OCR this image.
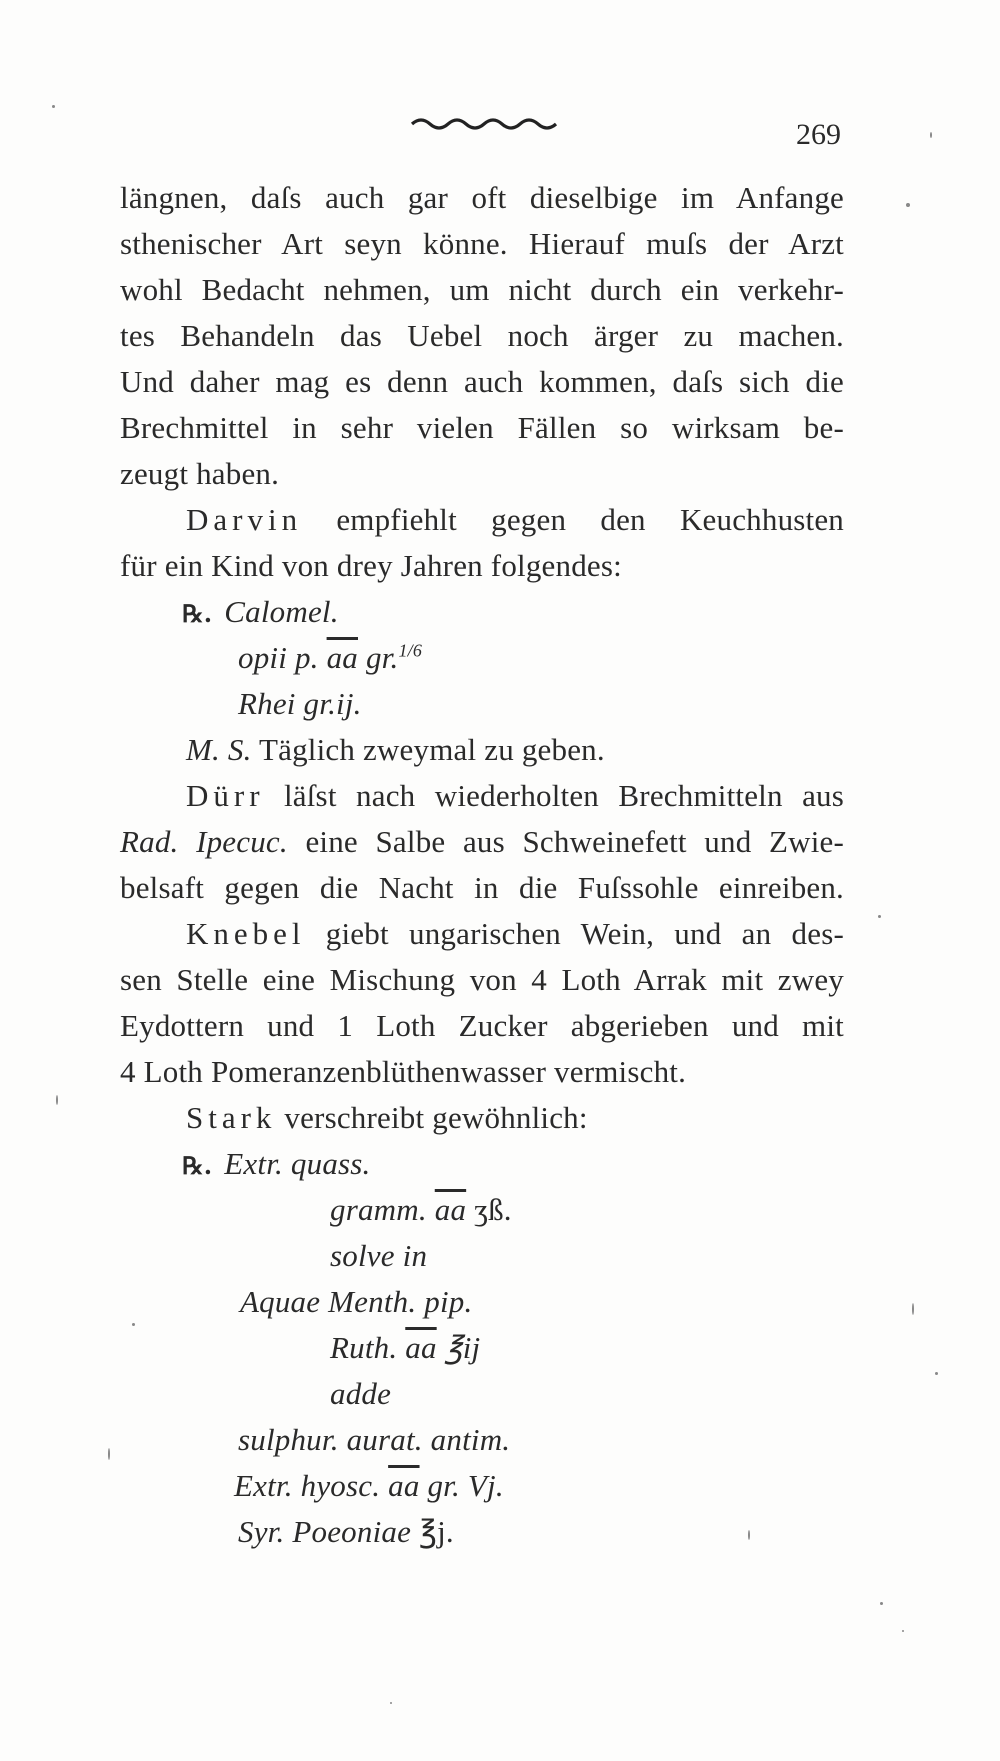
269
längnen, daſs auch gar oft dieselbige im Anfange
sthenischer Art seyn könne. Hierauf muſs der Arzt
wohl Bedacht nehmen, um nicht durch ein verkehr-
tes Behandeln das Uebel noch ärger zu machen.
Und daher mag es denn auch kommen, daſs sich die
Brechmittel in sehr vielen Fällen so wirksam be-
zeugt haben.
Darvin empfiehlt gegen den Keuchhusten
für ein Kind von drey Jahren folgendes:
℞. Calomel.
opii p. $\overline{aa}$ gr.$^{1/6}$
Rhei gr.ij.
M. S. Täglich zweymal zu geben.
Dürr läſst nach wiederholten Brechmitteln aus
Rad. Ipecuc. eine Salbe aus Schweinefett und Zwie-
belsaft gegen die Nacht in die Fuſssohle einreiben.
Knebel giebt ungarischen Wein, und an des-
sen Stelle eine Mischung von 4 Loth Arrak mit zwey
Eydottern und 1 Loth Zucker abgerieben und mit
4 Loth Pomeranzenblüthenwasser vermischt.
Stark verschreibt gewöhnlich:
℞. Extr. quass.
gramm. $\overline{aa}$ ʒß.
solve in
Aquae Menth. pip.
Ruth. $\overline{aa}$ ℥ij
adde
sulphur. aurat. antim.
Extr. hyosc. $\overline{aa}$ gr. Vj.
Syr. Poeoniae ℥j.
